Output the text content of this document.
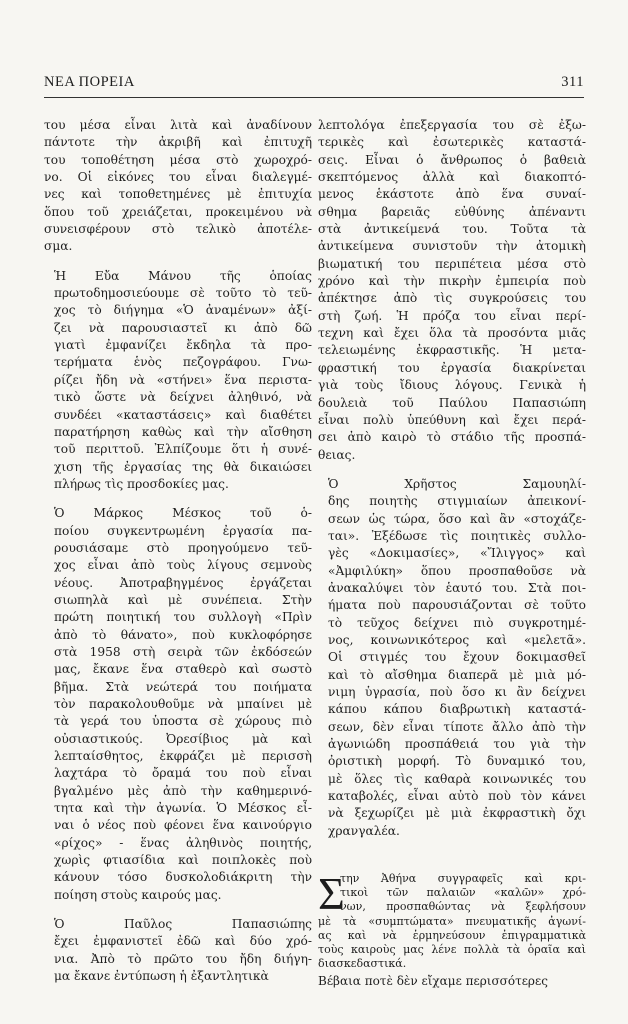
ΝΕΑ ΠΟΡΕΙΑ	311

του μέσα εἶναι λιτὰ καὶ ἀναδίνουν
πάντοτε τὴν ἀκριβῆ καὶ ἐπιτυχῆ
του τοποθέτηση μέσα στὸ χωροχρό-
νο. Οἱ εἰκόνες του εἶναι διαλεγμέ-
νες καὶ τοποθετημένες μὲ ἐπιτυχία
ὅπου τοῦ χρειάζεται, προκειμένου νὰ
συνεισφέρουν στὸ τελικὸ ἀποτέλε-
σμα.

Ἡ Εὔα Μάνου τῆς ὁποίας
πρωτοδημοσιεύουμε σὲ τοῦτο τὸ τεῦ-
χος τὸ διήγημα «Ὁ ἀναμένων» ἀξί-
ζει νὰ παρουσιαστεῖ κι ἀπὸ δῶ
γιατὶ ἐμφανίζει ἔκδηλα τὰ προ-
τερήματα ἑνὸς πεζογράφου. Γνω-
ρίζει ἤδη νὰ «στήνει» ἕνα περιστα-
τικὸ ὥστε νὰ δείχνει ἀληθινό, νὰ
συνδέει «καταστάσεις» καὶ διαθέτει
παρατήρηση καθὼς καὶ τὴν αἴσθηση
τοῦ περιττοῦ. Ἐλπίζουμε ὅτι ἡ συνέ-
χιση τῆς ἐργασίας της θὰ δικαιώσει
πλήρως τὶς προσδοκίες μας.

Ὁ Μάρκος Μέσκος τοῦ ὁ-
ποίου συγκεντρωμένη ἐργασία πα-
ρουσιάσαμε στὸ προηγούμενο τεῦ-
χος εἶναι ἀπὸ τοὺς λίγους σεμνοὺς
νέους. Ἀποτραβηγμένος ἐργάζεται
σιωπηλὰ καὶ μὲ συνέπεια. Στὴν
πρώτη ποιητική του συλλογὴ «Πρὶν
ἀπὸ τὸ θάνατο», ποὺ κυκλοφόρησε
στὰ 1958 στὴ σειρὰ τῶν ἐκδόσεών
μας, ἔκανε ἕνα σταθερὸ καὶ σωστὸ
βῆμα. Στὰ νεώτερά του ποιήματα
τὸν παρακολουθοῦμε νὰ μπαίνει μὲ
τὰ γερά του ὑποστα σὲ χώρους πιὸ
οὐσιαστικούς. Ὀρεσίβιος μὰ καὶ
λεπταίσθητος, ἐκφράζει μὲ περισσὴ
λαχτάρα τὸ ὄραμά του ποὺ εἶναι
βγαλμένο μὲς ἀπὸ τὴν καθημερινό-
τητα καὶ τὴν ἀγωνία. Ὁ Μέσκος εἶ-
ναι ὁ νέος ποὺ φέονει ἕνα καινούργιο
«ρίχος» - ἕνας ἀληθινὸς ποιητής,
χωρὶς φτιασίδια καὶ ποιπλοκὲς ποὺ
κάνουν τόσο δυσκολοδιάκριτη τὴν
ποίηση στοὺς καιρούς μας.

Ὁ Παῦλος Παπασιώπης
ἔχει ἐμφανιστεῖ ἐδῶ καὶ δύο χρό-
νια. Ἀπὸ τὸ πρῶτο του ἤδη διήγη-
μα ἔκανε ἐντύπωση ἡ ἐξαντλητικὰ

λεπτολόγα ἐπεξεργασία του σὲ ἐξω-
τερικὲς καὶ ἐσωτερικὲς καταστά-
σεις. Εἶναι ὁ ἄνθρωπος ὁ βαθειὰ
σκεπτόμενος ἀλλὰ καὶ διακοπτό-
μενος ἑκάστοτε ἀπὸ ἕνα συναί-
σθημα βαρειᾶς εὐθύνης ἀπέναντι
στὰ ἀντικείμενά του. Τοῦτα τὰ
ἀντικείμενα συνιστοῦν τὴν ἀτομικὴ
βιωματική του περιπέτεια μέσα στὸ
χρόνο καὶ τὴν πικρὴν ἐμπειρία ποὺ
ἀπέκτησε ἀπὸ τὶς συγκρούσεις του
στὴ ζωή. Ἡ πρόζα του εἶναι περί-
τεχνη καὶ ἔχει ὅλα τὰ προσόντα μιᾶς
τελειωμένης ἐκφραστικῆς. Ἡ μετα-
φραστική του ἐργασία διακρίνεται
γιὰ τοὺς ἴδιους λόγους. Γενικὰ ἡ
δουλειὰ τοῦ Παύλου Παπασιώπη
εἶναι πολὺ ὑπεύθυνη καὶ ἔχει περά-
σει ἀπὸ καιρὸ τὸ στάδιο τῆς προσπά-
θειας.

Ὁ Χρῆστος Σαμουηλί-
δης ποιητὴς στιγμιαίων ἀπεικονί-
σεων ὡς τώρα, ὅσο καὶ ἂν «στοχάζε-
ται». Ἐξέδωσε τὶς ποιητικὲς συλλο-
γὲς «Δοκιμασίες», «Ἴλιγγος» καὶ
«Ἀμφιλύκη» ὅπου προσπαθοῦσε νὰ
ἀνακαλύψει τὸν ἑαυτό του. Στὰ ποι-
ήματα ποὺ παρουσιάζονται σὲ τοῦτο
τὸ τεῦχος δείχνει πιὸ συγκροτημέ-
νος, κοινωνικότερος καὶ «μελετᾶ».
Οἱ στιγμές του ἔχουν δοκιμασθεῖ
καὶ τὸ αἴσθημα διαπερᾶ μὲ μιὰ μό-
νιμη ὑγρασία, ποὺ ὅσο κι ἂν δείχνει
κάπου κάπου διαβρωτικὴ καταστά-
σεων, δὲν εἶναι τίποτε ἄλλο ἀπὸ τὴν
ἀγωνιώδη προσπάθειά του γιὰ τὴν
ὀριστικὴ μορφή. Τὸ δυναμικό του,
μὲ ὅλες τὶς καθαρὰ κοινωνικές του
καταβολές, εἶναι αὐτὸ ποὺ τὸν κάνει
νὰ ξεχωρίζει μὲ μιὰ ἐκφραστικὴ ὄχι
χρανγαλέα.

Σ
την Ἀθήνα συγγραφεῖς καὶ κρι-
τικοὶ τῶν παλαιῶν «καλῶν» χρό-
νων, προσπαθώντας νὰ ξεφλήσουν
μὲ τὰ «συμπτώματα» πνευματικῆς ἀγωνί-
ας καὶ νὰ ἑρμηνεύσουν ἐπιγραμματικὰ
τοὺς καιροὺς μας λένε πολλὰ τὰ ὁραῖα καὶ
διασκεδαστικά.
Βέβαια ποτὲ δὲν εἴχαμε περισσότερες
